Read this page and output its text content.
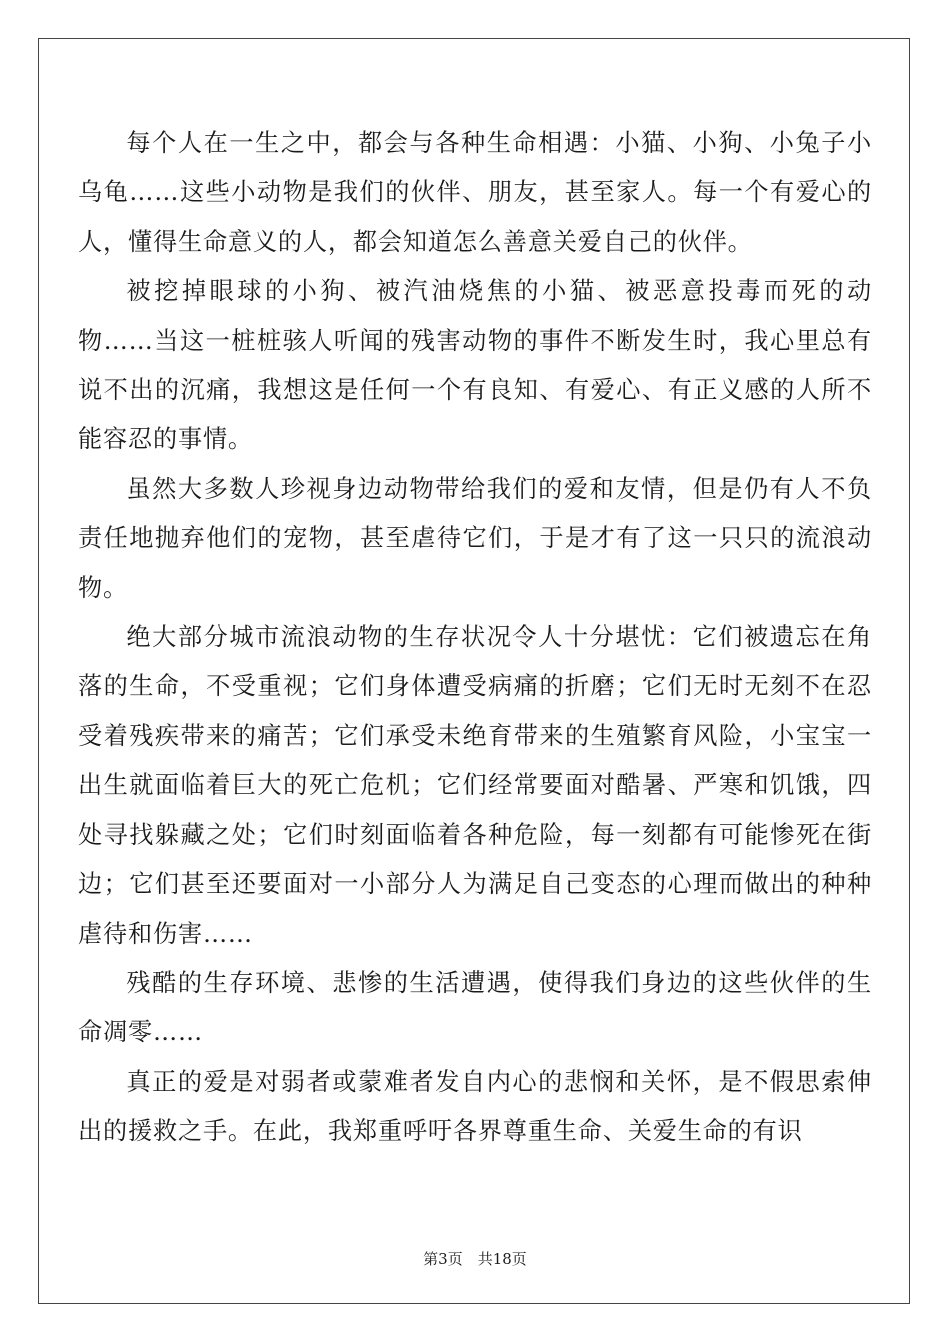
每个人在一生之中，都会与各种生命相遇：小猫、小狗、小兔子小乌龟……这些小动物是我们的伙伴、朋友，甚至家人。每一个有爱心的人，懂得生命意义的人，都会知道怎么善意关爱自己的伙伴。

被挖掉眼球的小狗、被汽油烧焦的小猫、被恶意投毒而死的动物……当这一桩桩骇人听闻的残害动物的事件不断发生时，我心里总有说不出的沉痛，我想这是任何一个有良知、有爱心、有正义感的人所不能容忍的事情。

虽然大多数人珍视身边动物带给我们的爱和友情，但是仍有人不负责任地抛弃他们的宠物，甚至虐待它们，于是才有了这一只只的流浪动物。

绝大部分城市流浪动物的生存状况令人十分堪忧：它们被遗忘在角落的生命，不受重视；它们身体遭受病痛的折磨；它们无时无刻不在忍受着残疾带来的痛苦；它们承受未绝育带来的生殖繁育风险，小宝宝一出生就面临着巨大的死亡危机；它们经常要面对酷暑、严寒和饥饿，四处寻找躲藏之处；它们时刻面临着各种危险，每一刻都有可能惨死在街边；它们甚至还要面对一小部分人为满足自己变态的心理而做出的种种虐待和伤害……

残酷的生存环境、悲惨的生活遭遇，使得我们身边的这些伙伴的生命凋零……

真正的爱是对弱者或蒙难者发自内心的悲悯和关怀，是不假思索伸出的援救之手。在此，我郑重呼吁各界尊重生命、关爱生命的有识

第3页　共18页
